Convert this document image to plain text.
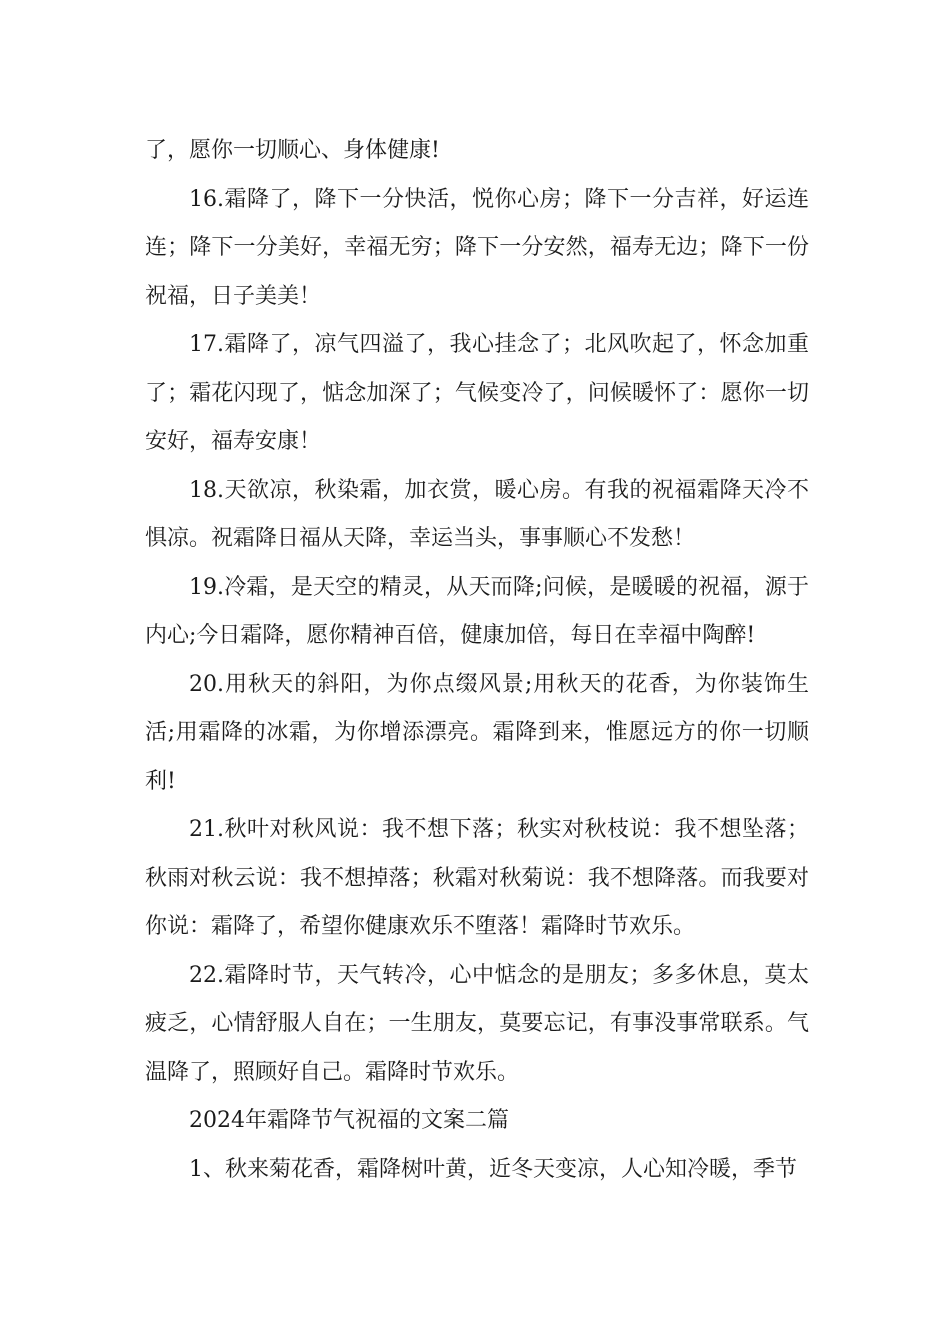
了，愿你一切顺心、身体健康!

16.霜降了，降下一分快活，悦你心房；降下一分吉祥，好运连连；降下一分美好，幸福无穷；降下一分安然，福寿无边；降下一份祝福，日子美美！

17.霜降了，凉气四溢了，我心挂念了；北风吹起了，怀念加重了；霜花闪现了，惦念加深了；气候变冷了，问候暖怀了：愿你一切安好，福寿安康！

18.天欲凉，秋染霜，加衣赏，暖心房。有我的祝福霜降天冷不惧凉。祝霜降日福从天降，幸运当头，事事顺心不发愁！

19.冷霜，是天空的精灵，从天而降;问候，是暖暖的祝福，源于内心;今日霜降，愿你精神百倍，健康加倍，每日在幸福中陶醉!

20.用秋天的斜阳，为你点缀风景;用秋天的花香，为你装饰生活;用霜降的冰霜，为你增添漂亮。霜降到来，惟愿远方的你一切顺利!

21.秋叶对秋风说：我不想下落；秋实对秋枝说：我不想坠落；秋雨对秋云说：我不想掉落；秋霜对秋菊说：我不想降落。而我要对你说：霜降了，希望你健康欢乐不堕落！霜降时节欢乐。

22.霜降时节，天气转冷，心中惦念的是朋友；多多休息，莫太疲乏，心情舒服人自在；一生朋友，莫要忘记，有事没事常联系。气温降了，照顾好自己。霜降时节欢乐。

2024年霜降节气祝福的文案二篇

1、秋来菊花香，霜降树叶黄，近冬天变凉，人心知冷暖，季节
